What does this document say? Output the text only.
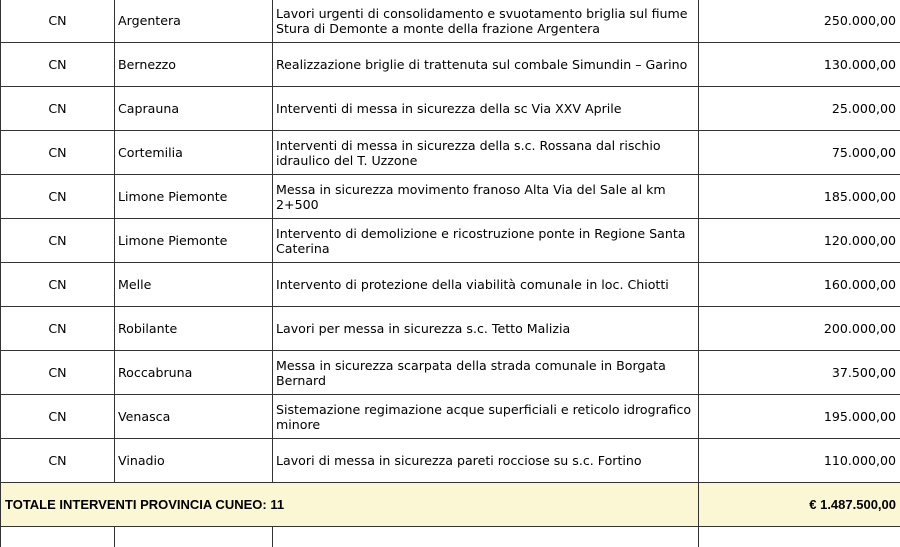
CN	Argentera	Lavori urgenti di consolidamento e svuotamento briglia sul fiume Stura di Demonte a monte della frazione Argentera	250.000,00
CN	Bernezzo	Realizzazione briglie di trattenuta sul combale Simundin – Garino	130.000,00
CN	Caprauna	Interventi di messa in sicurezza della sc Via XXV Aprile	25.000,00
CN	Cortemilia	Interventi di messa in sicurezza della s.c. Rossana dal rischio idraulico del T. Uzzone	75.000,00
CN	Limone Piemonte	Messa in sicurezza movimento franoso Alta Via del Sale al km 2+500	185.000,00
CN	Limone Piemonte	Intervento di demolizione e ricostruzione ponte in Regione Santa Caterina	120.000,00
CN	Melle	Intervento di protezione della viabilità comunale in loc. Chiotti	160.000,00
CN	Robilante	Lavori per messa in sicurezza s.c. Tetto Malizia	200.000,00
CN	Roccabruna	Messa in sicurezza scarpata della strada comunale in Borgata Bernard	37.500,00
CN	Venasca	Sistemazione regimazione acque superficiali e reticolo idrografico minore	195.000,00
CN	Vinadio	Lavori di messa in sicurezza pareti rocciose su s.c. Fortino	110.000,00
TOTALE INTERVENTI PROVINCIA CUNEO: 11			€ 1.487.500,00
